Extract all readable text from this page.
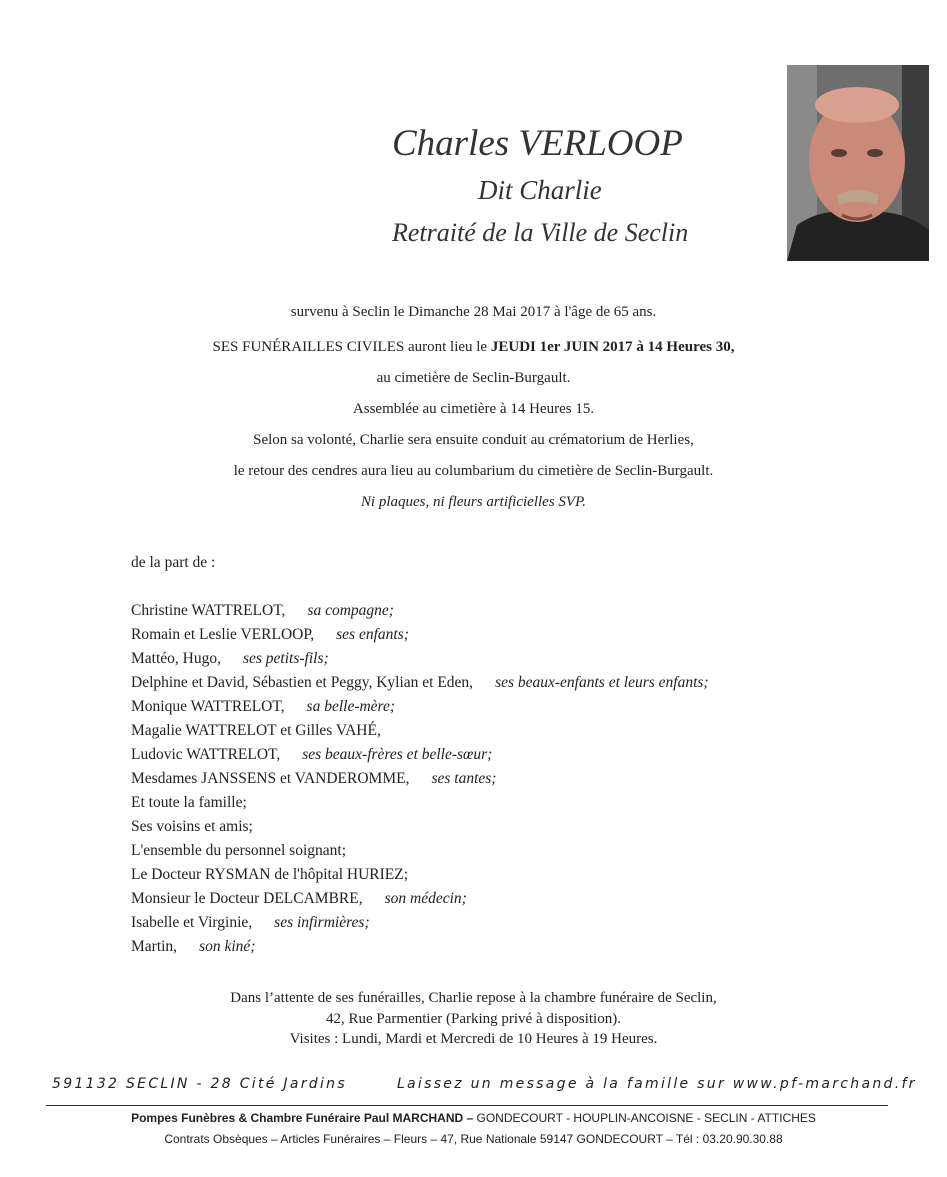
Charles VERLOOP
Dit Charlie
Retraité de la Ville de Seclin
survenu à Seclin le Dimanche 28 Mai 2017 à l'âge de 65 ans.
SES FUNÉRAILLES CIVILES auront lieu le JEUDI 1er JUIN 2017 à 14 Heures 30,
au cimetière de Seclin-Burgault.
Assemblée au cimetière à 14 Heures 15.
Selon sa volonté, Charlie sera ensuite conduit au crématorium de Herlies,
le retour des cendres aura lieu au columbarium du cimetière de Seclin-Burgault.
Ni plaques, ni fleurs artificielles SVP.
de la part de :
Christine WATTRELOT, sa compagne;
Romain et Leslie VERLOOP, ses enfants;
Mattéo, Hugo, ses petits-fils;
Delphine et David, Sébastien et Peggy, Kylian et Eden, ses beaux-enfants et leurs enfants;
Monique WATTRELOT, sa belle-mère;
Magalie WATTRELOT et Gilles VAHÉ,
Ludovic WATTRELOT, ses beaux-frères et belle-sœur;
Mesdames JANSSENS et VANDEROMME, ses tantes;
Et toute la famille;
Ses voisins et amis;
L'ensemble du personnel soignant;
Le Docteur RYSMAN de l'hôpital HURIEZ;
Monsieur le Docteur DELCAMBRE, son médecin;
Isabelle et Virginie, ses infirmières;
Martin, son kiné;
Dans l’attente de ses funérailles, Charlie repose à la chambre funéraire de Seclin,
42, Rue Parmentier (Parking privé à disposition).
Visites : Lundi, Mardi et Mercredi de 10 Heures à 19 Heures.
591132 SECLIN - 28 Cité Jardins	Laissez un message à la famille sur www.pf-marchand.fr
Pompes Funèbres & Chambre Funéraire Paul MARCHAND – GONDECOURT - HOUPLIN-ANCOISNE - SECLIN - ATTICHES
Contrats Obsèques – Articles Funéraires – Fleurs – 47, Rue Nationale 59147 GONDECOURT – Tél : 03.20.90.30.88
